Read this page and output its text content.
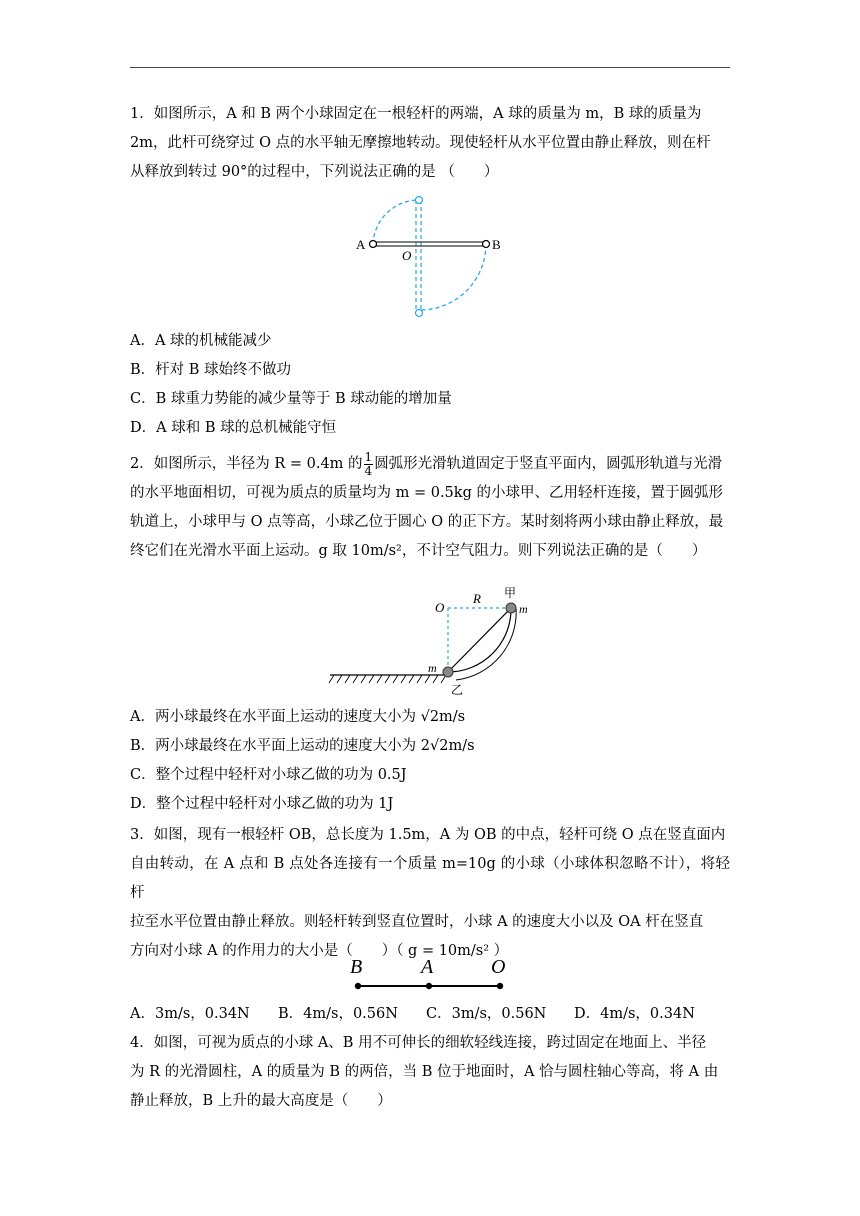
1．如图所示，A 和 B 两个小球固定在一根轻杆的两端，A 球的质量为 m，B 球的质量为
2m，此杆可绕穿过 O 点的水平轴无摩擦地转动。现使轻杆从水平位置由静止释放，则在杆
从释放到转过 90°的过程中，下列说法正确的是 （　　）
A	B
O
A．A 球的机械能减少
B．杆对 B 球始终不做功
C．B 球重力势能的减少量等于 B 球动能的增加量
D．A 球和 B 球的总机械能守恒
2．如图所示，半径为 R = 0.4m 的 $\frac{1}{4}$ 圆弧形光滑轨道固定于竖直平面内，圆弧形轨道与光滑
的水平地面相切，可视为质点的质量均为 m = 0.5kg 的小球甲、乙用轻杆连接，置于圆弧形
轨道上，小球甲与 O 点等高，小球乙位于圆心 O 的正下方。某时刻将两小球由静止释放，最
终它们在光滑水平面上运动。g 取 10m/s²，不计空气阻力。则下列说法正确的是（　　）
O
R 甲
m
m
乙
A．两小球最终在水平面上运动的速度大小为 √2m/s
B．两小球最终在水平面上运动的速度大小为 2√2m/s
C．整个过程中轻杆对小球乙做的功为 0.5J
D．整个过程中轻杆对小球乙做的功为 1J
3．如图，现有一根轻杆 OB，总长度为 1.5m，A 为 OB 的中点，轻杆可绕 O 点在竖直面内
自由转动，在 A 点和 B 点处各连接有一个质量 m=10g 的小球（小球体积忽略不计），将轻杆
拉至水平位置由静止释放。则轻杆转到竖直位置时，小球 A 的速度大小以及 OA 杆在竖直
方向对小球 A 的作用力的大小是（　　）（ g = 10m/s² ）
B	A	O
A．3m/s，0.34N B．4m/s，0.56N C．3m/s，0.56N D．4m/s，0.34N
4．如图，可视为质点的小球 A、B 用不可伸长的细软轻线连接，跨过固定在地面上、半径
为 R 的光滑圆柱，A 的质量为 B 的两倍，当 B 位于地面时，A 恰与圆柱轴心等高，将 A 由
静止释放，B 上升的最大高度是（　　）
